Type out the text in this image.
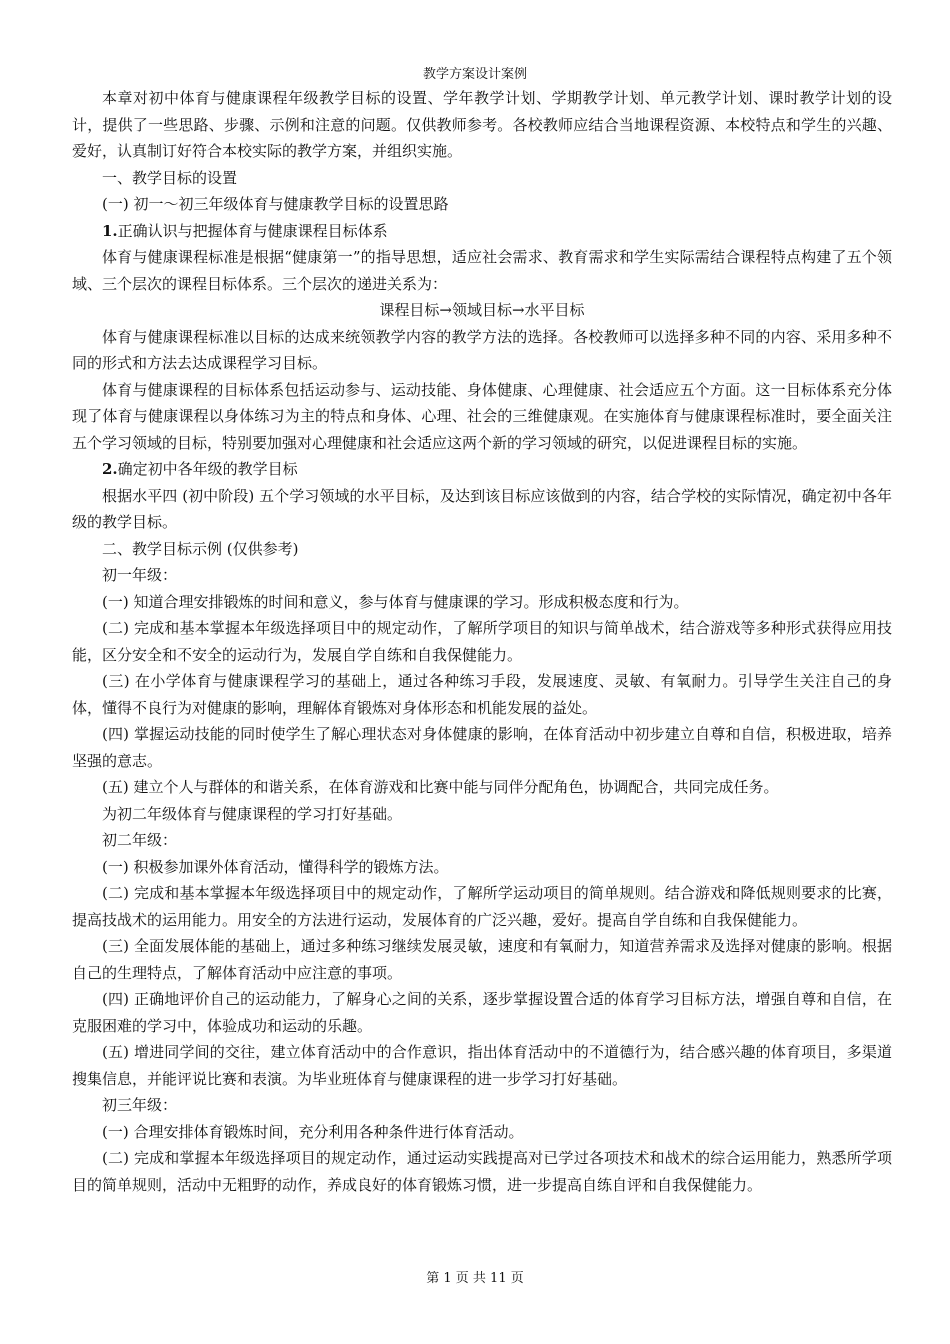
教学方案设计案例

本章对初中体育与健康课程年级教学目标的设置、学年教学计划、学期教学计划、单元教学计划、课时教学计划的设计，提供了一些思路、步骤、示例和注意的问题。仅供教师参考。各校教师应结合当地课程资源、本校特点和学生的兴趣、爱好，认真制订好符合本校实际的教学方案，并组织实施。

一、教学目标的设置

(一) 初一～初三年级体育与健康教学目标的设置思路

1.正确认识与把握体育与健康课程目标体系

体育与健康课程标准是根据“健康第一”的指导思想，适应社会需求、教育需求和学生实际需结合课程特点构建了五个领域、三个层次的课程目标体系。三个层次的递进关系为：

课程目标→领域目标→水平目标

体育与健康课程标准以目标的达成来统领教学内容的教学方法的选择。各校教师可以选择多种不同的内容、采用多种不同的形式和方法去达成课程学习目标。

体育与健康课程的目标体系包括运动参与、运动技能、身体健康、心理健康、社会适应五个方面。这一目标体系充分体现了体育与健康课程以身体练习为主的特点和身体、心理、社会的三维健康观。在实施体育与健康课程标准时，要全面关注五个学习领域的目标，特别要加强对心理健康和社会适应这两个新的学习领域的研究，以促进课程目标的实施。

2.确定初中各年级的教学目标

根据水平四 (初中阶段) 五个学习领域的水平目标，及达到该目标应该做到的内容，结合学校的实际情况，确定初中各年级的教学目标。

二、教学目标示例 (仅供参考)

初一年级：

(一) 知道合理安排锻炼的时间和意义，参与体育与健康课的学习。形成积极态度和行为。

(二) 完成和基本掌握本年级选择项目中的规定动作，了解所学项目的知识与简单战术，结合游戏等多种形式获得应用技能，区分安全和不安全的运动行为，发展自学自练和自我保健能力。

(三) 在小学体育与健康课程学习的基础上，通过各种练习手段，发展速度、灵敏、有氧耐力。引导学生关注自己的身体，懂得不良行为对健康的影响，理解体育锻炼对身体形态和机能发展的益处。

(四) 掌握运动技能的同时使学生了解心理状态对身体健康的影响，在体育活动中初步建立自尊和自信，积极进取，培养坚强的意志。

(五) 建立个人与群体的和谐关系，在体育游戏和比赛中能与同伴分配角色，协调配合，共同完成任务。

为初二年级体育与健康课程的学习打好基础。

初二年级：

(一) 积极参加课外体育活动，懂得科学的锻炼方法。

(二) 完成和基本掌握本年级选择项目中的规定动作，了解所学运动项目的简单规则。结合游戏和降低规则要求的比赛，提高技战术的运用能力。用安全的方法进行运动，发展体育的广泛兴趣，爱好。提高自学自练和自我保健能力。

(三) 全面发展体能的基础上，通过多种练习继续发展灵敏，速度和有氧耐力，知道营养需求及选择对健康的影响。根据自己的生理特点，了解体育活动中应注意的事项。

(四) 正确地评价自己的运动能力，了解身心之间的关系，逐步掌握设置合适的体育学习目标方法，增强自尊和自信，在克服困难的学习中，体验成功和运动的乐趣。

(五) 增进同学间的交往，建立体育活动中的合作意识，指出体育活动中的不道德行为，结合感兴趣的体育项目，多渠道搜集信息，并能评说比赛和表演。为毕业班体育与健康课程的进一步学习打好基础。

初三年级：

(一) 合理安排体育锻炼时间，充分利用各种条件进行体育活动。

(二) 完成和掌握本年级选择项目的规定动作，通过运动实践提高对已学过各项技术和战术的综合运用能力，熟悉所学项目的简单规则，活动中无粗野的动作，养成良好的体育锻炼习惯，进一步提高自练自评和自我保健能力。

第 1 页 共 11 页
